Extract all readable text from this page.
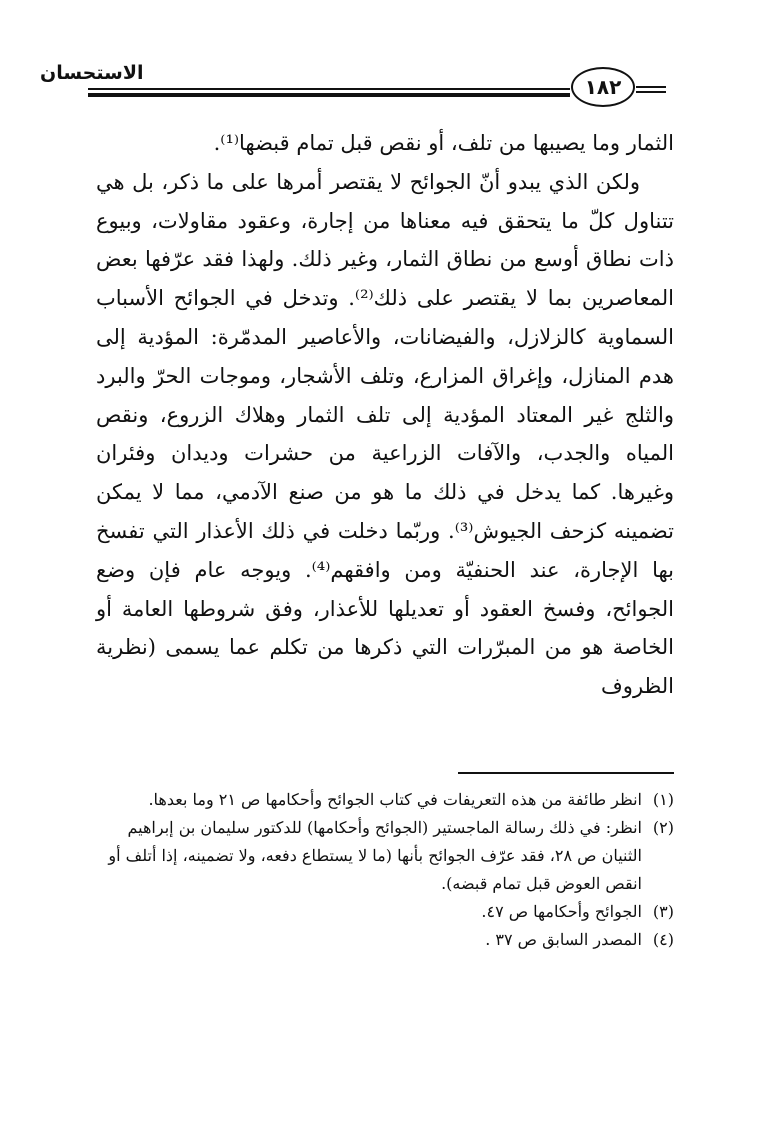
الاستحسان
١٨٢

الثمار وما يصيبها من تلف، أو نقص قبل تمام قبضها⁽¹⁾.

ولكن الذي يبدو أنّ الجوائح لا يقتصر أمرها على ما ذكر، بل هي تتناول كلّ ما يتحقق فيه معناها من إجارة، وعقود مقاولات، وبيوع ذات نطاق أوسع من نطاق الثمار، وغير ذلك. ولهذا فقد عرّفها بعض المعاصرين بما لا يقتصر على ذلك⁽²⁾. وتدخل في الجوائح الأسباب السماوية كالزلازل، والفيضانات، والأعاصير المدمّرة: المؤدية إلى هدم المنازل، وإغراق المزارع، وتلف الأشجار، وموجات الحرّ والبرد والثلج غير المعتاد المؤدية إلى تلف الثمار وهلاك الزروع، ونقص المياه والجدب، والآفات الزراعية من حشرات وديدان وفئران وغيرها. كما يدخل في ذلك ما هو من صنع الآدمي، مما لا يمكن تضمينه كزحف الجيوش⁽³⁾. وربّما دخلت في ذلك الأعذار التي تفسخ بها الإجارة، عند الحنفيّة ومن وافقهم⁽⁴⁾. ويوجه عام فإن وضع الجوائح، وفسخ العقود أو تعديلها للأعذار، وفق شروطها العامة أو الخاصة هو من المبرّرات التي ذكرها من تكلم عما يسمى (نظرية الظروف

(١)
انظر طائفة من هذه التعريفات في كتاب الجوائح وأحكامها ص ٢١ وما بعدها.
(٢)
انظر: في ذلك رسالة الماجستير (الجوائح وأحكامها) للدكتور سليمان بن إبراهيم الثنيان ص ٢٨، فقد عرّف الجوائح بأنها (ما لا يستطاع دفعه، ولا تضمينه، إذا أتلف أو انقص العوض قبل تمام قبضه).
(٣)
الجوائح وأحكامها ص ٤٧.
(٤)
المصدر السابق ص ٣٧ .
